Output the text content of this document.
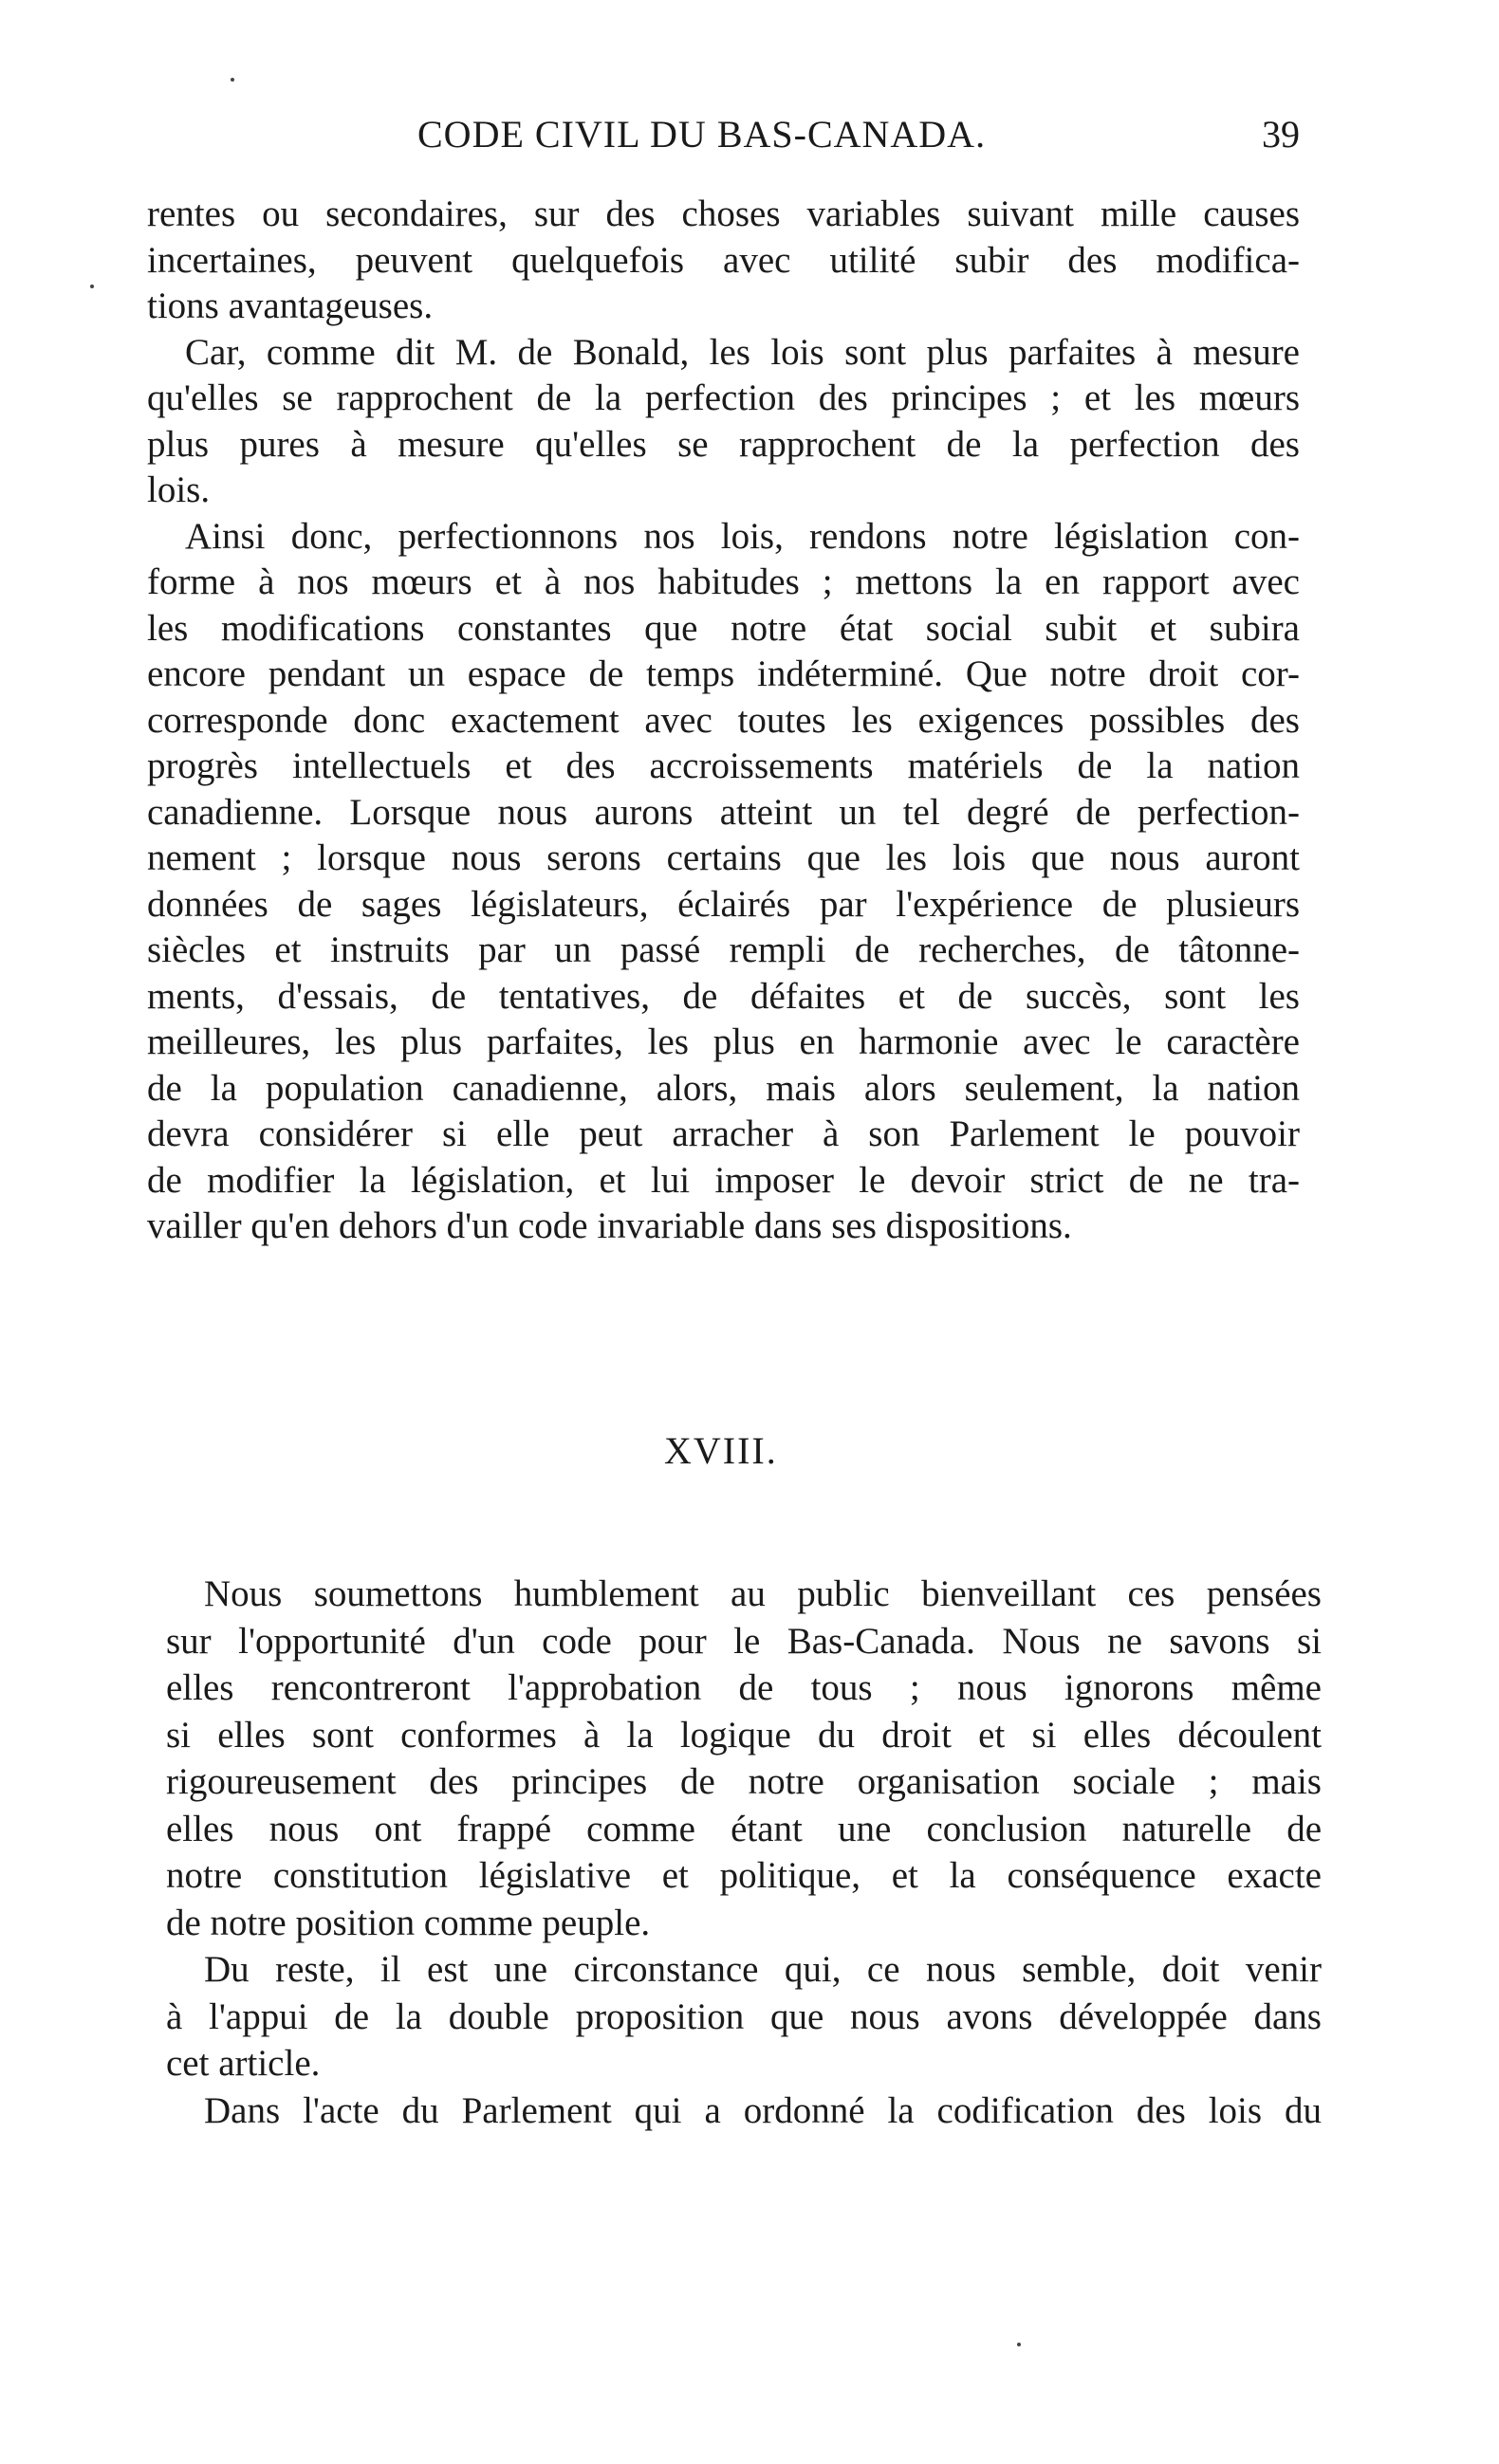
CODE CIVIL DU BAS-CANADA.	39
rentes ou secondaires, sur des choses variables suivant mille causes
incertaines, peuvent quelquefois avec utilité subir des modifica-
tions avantageuses.
Car, comme dit M. de Bonald, les lois sont plus parfaites à mesure
qu'elles se rapprochent de la perfection des principes ; et les mœurs
plus pures à mesure qu'elles se rapprochent de la perfection des
lois.
Ainsi donc, perfectionnons nos lois, rendons notre législation con-
forme à nos mœurs et à nos habitudes ; mettons la en rapport avec
les modifications constantes que notre état social subit et subira
encore pendant un espace de temps indéterminé. Que notre droit cor-
corresponde donc exactement avec toutes les exigences possibles des
progrès intellectuels et des accroissements matériels de la nation
canadienne. Lorsque nous aurons atteint un tel degré de perfection-
nement ; lorsque nous serons certains que les lois que nous auront
données de sages législateurs, éclairés par l'expérience de plusieurs
siècles et instruits par un passé rempli de recherches, de tâtonne-
ments, d'essais, de tentatives, de défaites et de succès, sont les
meilleures, les plus parfaites, les plus en harmonie avec le caractère
de la population canadienne, alors, mais alors seulement, la nation
devra considérer si elle peut arracher à son Parlement le pouvoir
de modifier la législation, et lui imposer le devoir strict de ne tra-
vailler qu'en dehors d'un code invariable dans ses dispositions.
XVIII.
Nous soumettons humblement au public bienveillant ces pensées
sur l'opportunité d'un code pour le Bas-Canada. Nous ne savons si
elles rencontreront l'approbation de tous ; nous ignorons même
si elles sont conformes à la logique du droit et si elles découlent
rigoureusement des principes de notre organisation sociale ; mais
elles nous ont frappé comme étant une conclusion naturelle de
notre constitution législative et politique, et la conséquence exacte
de notre position comme peuple.
Du reste, il est une circonstance qui, ce nous semble, doit venir
à l'appui de la double proposition que nous avons développée dans
cet article.
Dans l'acte du Parlement qui a ordonné la codification des lois du
